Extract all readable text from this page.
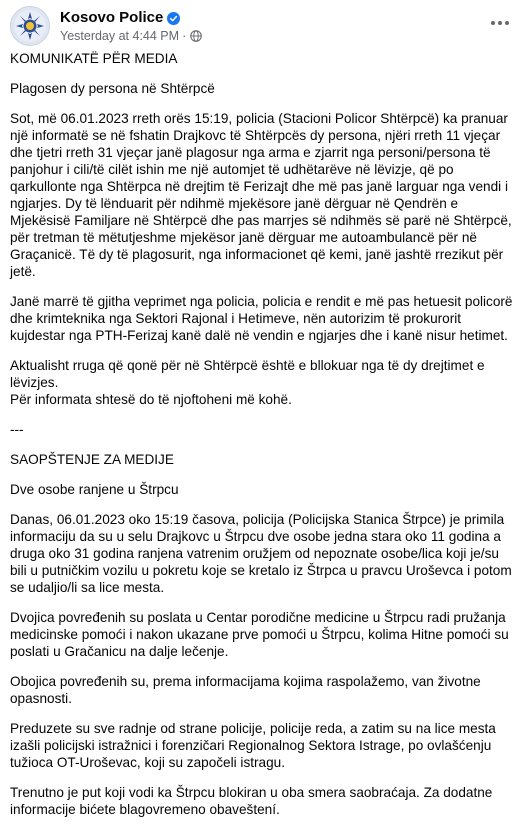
Kosovo Police
Yesterday at 4:44 PM ·

KOMUNIKATË PËR MEDIA

Plagosen dy persona në Shtërpcë

Sot, më 06.01.2023 rreth orës 15:19, policia (Stacioni Policor Shtërpcë) ka pranuar një informatë se në fshatin Drajkovc të Shtërpcës dy persona, njëri rreth 11 vjeçar dhe tjetri rreth 31 vjeçar janë plagosur nga arma e zjarrit nga personi/persona të panjohur i cili/të cilët ishin me një automjet të udhëtarëve në lëvizje, që po qarkullonte nga Shtërpca në drejtim të Ferizajt dhe më pas janë larguar nga vendi i ngjarjes. Dy të lënduarit për ndihmë mjekësore janë dërguar në Qendrën e Mjekësisë Familjare në Shtërpcë dhe pas marrjes së ndihmës së parë në Shtërpcë, për tretman të mëtutjeshme mjekësor janë dërguar me autoambulancë për në Graçanicë. Të dy të plagosurit, nga informacionet që kemi, janë jashtë rrezikut për jetë.

Janë marrë të gjitha veprimet nga policia, policia e rendit e më pas hetuesit policorë dhe krimteknika nga Sektori Rajonal i Hetimeve, nën autorizim të prokurorit kujdestar nga PTH-Ferizaj kanë dalë në vendin e ngjarjes dhe i kanë nisur hetimet.

Aktualisht rruga që qonë për në Shtërpcë është e bllokuar nga të dy drejtimet e lëvizjes.
Për informata shtesë do të njoftoheni më kohë.

---

SAOPŠTENJE ZA MEDIJE

Dve osobe ranjene u Štrpcu

Danas, 06.01.2023 oko 15:19 časova, policija (Policijska Stanica Štrpce) je primila informaciju da su u selu Drajkovc u Štrpcu dve osobe jedna stara oko 11 godina a druga oko 31 godina ranjena vatrenim oružjem od nepoznate osobe/lica koji je/su bili u putničkim vozilu u pokretu koje se kretalo iz Štrpca u pravcu Uroševca i potom se udaljio/li sa lice mesta.

Dvojica povređenih su poslata u Centar porodične medicine u Štrpcu radi pružanja medicinske pomoći i nakon ukazane prve pomoći u Štrpcu, kolima Hitne pomoći su poslati u Gračanicu na dalje lečenje.

Obojica povređenih su, prema informacijama kojima raspolažemo, van životne opasnosti.

Preduzete su sve radnje od strane policije, policije reda, a zatim su na lice mesta izašli policijski istražnici i forenzičari Regionalnog Sektora Istrage, po ovlašćenju tužioca OT-Uroševac, koji su započeli istragu.

Trenutno je put koji vodi ka Štrpcu blokiran u oba smera saobraćaja. Za dodatne informacije bićete blagovremeno obaveštení.
